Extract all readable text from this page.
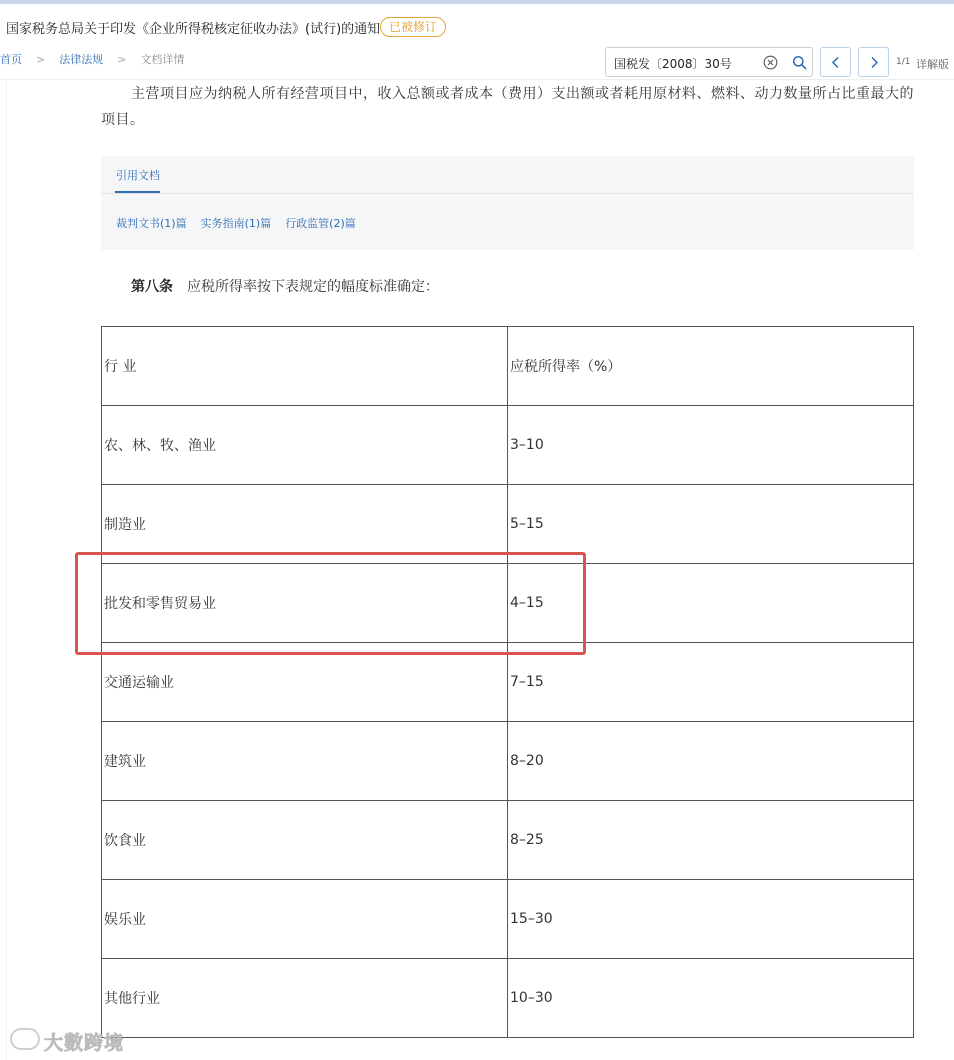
国家税务总局关于印发《企业所得税核定征收办法》(试行)的通知 已被修订
首页 > 法律法规 > 文档详情
国税发〔2008〕30号	1/1 详解版
主营项目应为纳税人所有经营项目中，收入总额或者成本（费用）支出额或者耗用原材料、燃料、动力数量所占比重最大的项目。
引用文档
裁判文书(1)篇 实务指南(1)篇 行政监管(2)篇
第八条 应税所得率按下表规定的幅度标准确定：
行 业	应税所得率（%）
农、林、牧、渔业	3–10
制造业	5–15
批发和零售贸易业	4–15
交通运输业	7–15
建筑业	8–20
饮食业	8–25
娱乐业	15–30
其他行业	10–30
大數跨境
